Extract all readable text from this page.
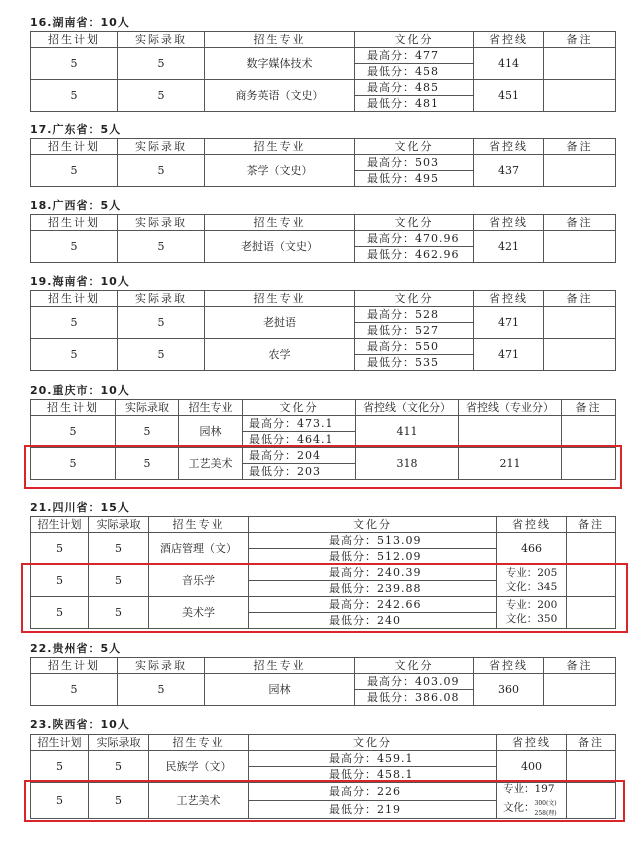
16.湖南省：10人
招生计划	实际录取	招生专业	文化分	省控线	备注
5	5	数字媒体技术	最高分：477	414	
			最低分：458		
5	5	商务英语（文史）	最高分：485	451	
			最低分：481		
17.广东省：5人
招生计划	实际录取	招生专业	文化分	省控线	备注
5	5	茶学（文史）	最高分：503	437	
			最低分：495		
18.广西省：5人
招生计划	实际录取	招生专业	文化分	省控线	备注
5	5	老挝语（文史）	最高分：470.96	421	
			最低分：462.96		
19.海南省：10人
招生计划	实际录取	招生专业	文化分	省控线	备注
5	5	老挝语	最高分：528	471	
			最低分：527		
5	5	农学	最高分：550	471	
			最低分：535		
20.重庆市：10人
招生计划	实际录取	招生专业	文化分	省控线（文化分）	省控线（专业分）	备注
5	5	园林	最高分：473.1	411		
			最低分：464.1			
5	5	工艺美术	最高分：204	318	211	
			最低分：203			
21.四川省：15人
招生计划	实际录取	招生专业	文化分	省控线	备注
5	5	酒店管理（文）	最高分：513.09	466	
			最低分：512.09		
5	5	音乐学	最高分：240.39	专业：205
文化：345	
			最低分：239.88		
5	5	美术学	最高分：242.66	专业：200
文化：350	
			最低分：240		
22.贵州省：5人
招生计划	实际录取	招生专业	文化分	省控线	备注
5	5	园林	最高分：403.09	360	
			最低分：386.08		
23.陕西省：10人
招生计划	实际录取	招生专业	文化分	省控线	备注
5	5	民族学（文）	最高分：459.1	400	
			最低分：458.1		
5	5	工艺美术	最高分：226	专业：197
文化：300(文)
258(理)	
			最低分：219		
